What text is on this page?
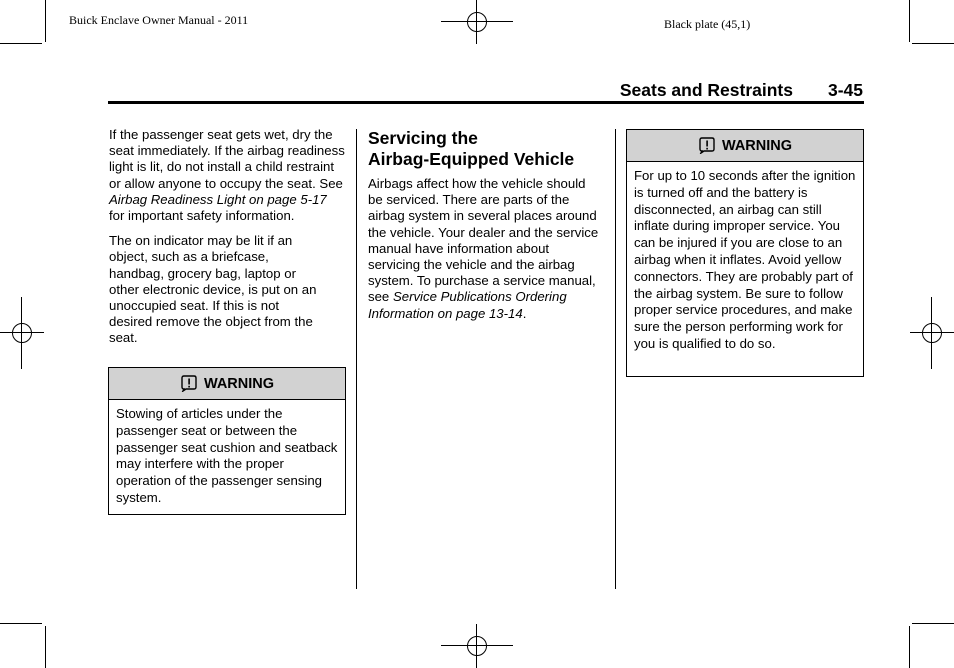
Buick Enclave Owner Manual - 2011	Black plate (45,1)
Seats and Restraints 3-45

If the passenger seat gets wet, dry the seat immediately. If the airbag readiness light is lit, do not install a child restraint or allow anyone to occupy the seat. See Airbag Readiness Light on page 5-17 for important safety information.

The on indicator may be lit if an object, such as a briefcase, handbag, grocery bag, laptop or other electronic device, is put on an unoccupied seat. If this is not desired remove the object from the seat.

WARNING
Stowing of articles under the passenger seat or between the passenger seat cushion and seatback may interfere with the proper operation of the passenger sensing system.
Servicing the
Airbag-Equipped Vehicle

Airbags affect how the vehicle should be serviced. There are parts of the airbag system in several places around the vehicle. Your dealer and the service manual have information about servicing the vehicle and the airbag system. To purchase a service manual, see Service Publications Ordering Information on page 13-14.

WARNING
For up to 10 seconds after the ignition is turned off and the battery is disconnected, an airbag can still inflate during improper service. You can be injured if you are close to an airbag when it inflates. Avoid yellow connectors. They are probably part of the airbag system. Be sure to follow proper service procedures, and make sure the person performing work for you is qualified to do so.
